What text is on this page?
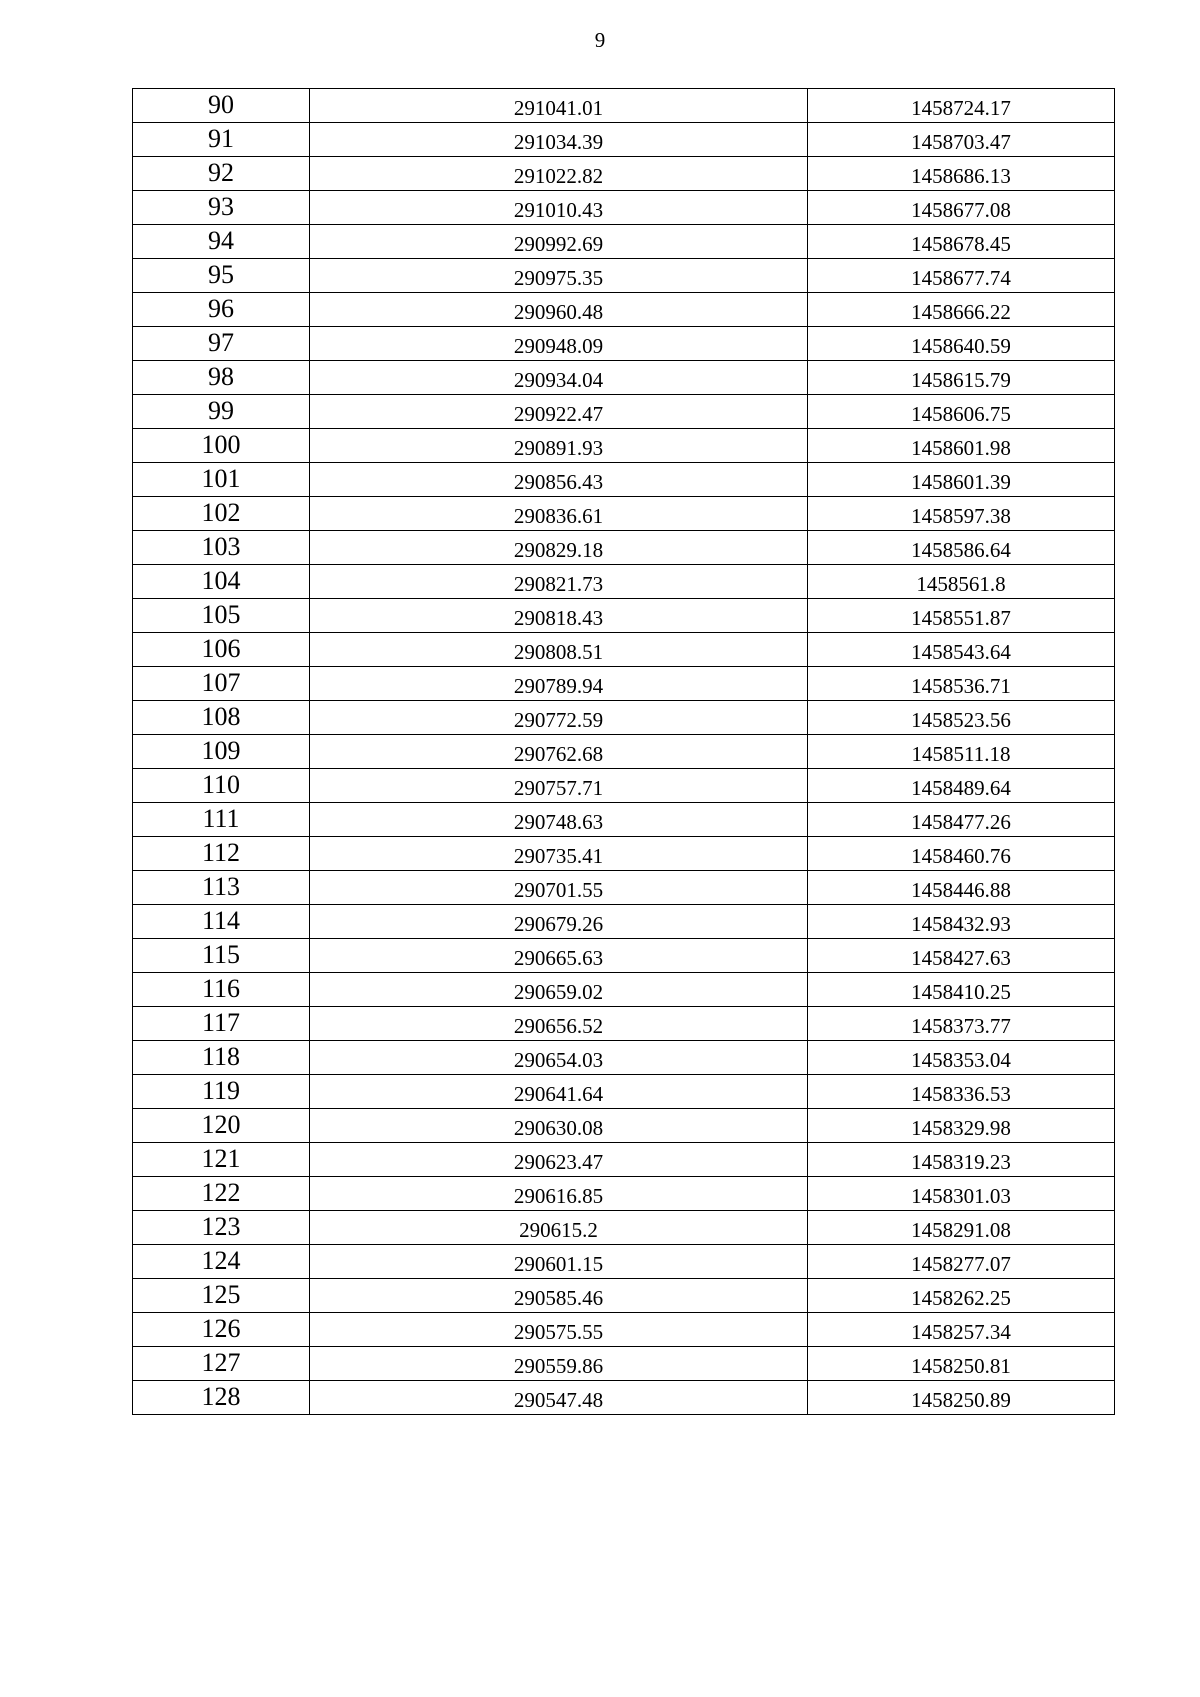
9
90	291041.01	1458724.17
91	291034.39	1458703.47
92	291022.82	1458686.13
93	291010.43	1458677.08
94	290992.69	1458678.45
95	290975.35	1458677.74
96	290960.48	1458666.22
97	290948.09	1458640.59
98	290934.04	1458615.79
99	290922.47	1458606.75
100	290891.93	1458601.98
101	290856.43	1458601.39
102	290836.61	1458597.38
103	290829.18	1458586.64
104	290821.73	1458561.8
105	290818.43	1458551.87
106	290808.51	1458543.64
107	290789.94	1458536.71
108	290772.59	1458523.56
109	290762.68	1458511.18
110	290757.71	1458489.64
111	290748.63	1458477.26
112	290735.41	1458460.76
113	290701.55	1458446.88
114	290679.26	1458432.93
115	290665.63	1458427.63
116	290659.02	1458410.25
117	290656.52	1458373.77
118	290654.03	1458353.04
119	290641.64	1458336.53
120	290630.08	1458329.98
121	290623.47	1458319.23
122	290616.85	1458301.03
123	290615.2	1458291.08
124	290601.15	1458277.07
125	290585.46	1458262.25
126	290575.55	1458257.34
127	290559.86	1458250.81
128	290547.48	1458250.89
